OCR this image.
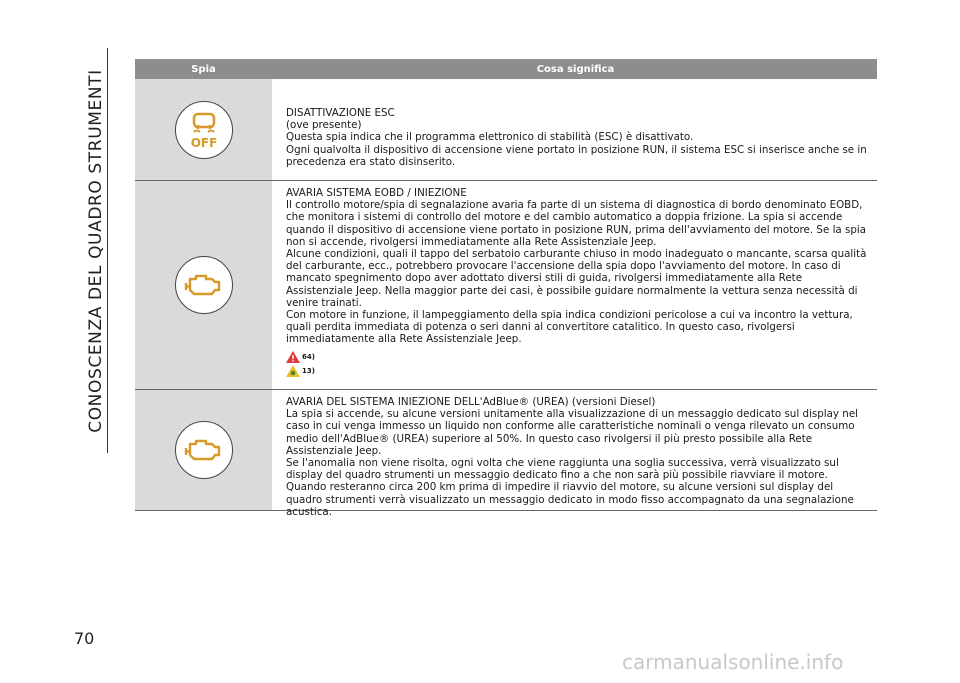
CONOSCENZA DEL QUADRO STRUMENTI
70
Spia	Cosa significa
OFF

DISATTIVAZIONE ESC

(ove presente)

Questa spia indica che il programma elettronico di stabilità (ESC) è disattivato.

Ogni qualvolta il dispositivo di accensione viene portato in posizione RUN, il sistema ESC si inserisce anche se in precedenza era stato disinserito.

AVARIA SISTEMA EOBD / INIEZIONE

Il controllo motore/spia di segnalazione avaria fa parte di un sistema di diagnostica di bordo denominato EOBD, che monitora i sistemi di controllo del motore e del cambio automatico a doppia frizione. La spia si accende quando il dispositivo di accensione viene portato in posizione RUN, prima dell'avviamento del motore. Se la spia non si accende, rivolgersi immediatamente alla Rete Assistenziale Jeep.

Alcune condizioni, quali il tappo del serbatoio carburante chiuso in modo inadeguato o mancante, scarsa qualità del carburante, ecc., potrebbero provocare l'accensione della spia dopo l'avviamento del motore. In caso di mancato spegnimento dopo aver adottato diversi stili di guida, rivolgersi immediatamente alla Rete Assistenziale Jeep. Nella maggior parte dei casi, è possibile guidare normalmente la vettura senza necessità di venire trainati.

Con motore in funzione, il lampeggiamento della spia indica condizioni pericolose a cui va incontro la vettura, quali perdita immediata di potenza o seri danni al convertitore catalitico. In questo caso, rivolgersi immediatamente alla Rete Assistenziale Jeep.

64)
13)

AVARIA DEL SISTEMA INIEZIONE DELL'AdBlue® (UREA) (versioni Diesel)

La spia si accende, su alcune versioni unitamente alla visualizzazione di un messaggio dedicato sul display nel caso in cui venga immesso un liquido non conforme alle caratteristiche nominali o venga rilevato un consumo medio dell'AdBlue® (UREA) superiore al 50%. In questo caso rivolgersi il più presto possibile alla Rete Assistenziale Jeep.

Se l'anomalia non viene risolta, ogni volta che viene raggiunta una soglia successiva, verrà visualizzato sul display del quadro strumenti un messaggio dedicato fino a che non sarà più possibile riavviare il motore.

Quando resteranno circa 200 km prima di impedire il riavvio del motore, su alcune versioni sul display del quadro strumenti verrà visualizzato un messaggio dedicato in modo fisso accompagnato da una segnalazione acustica.

carmanualsonline.info
